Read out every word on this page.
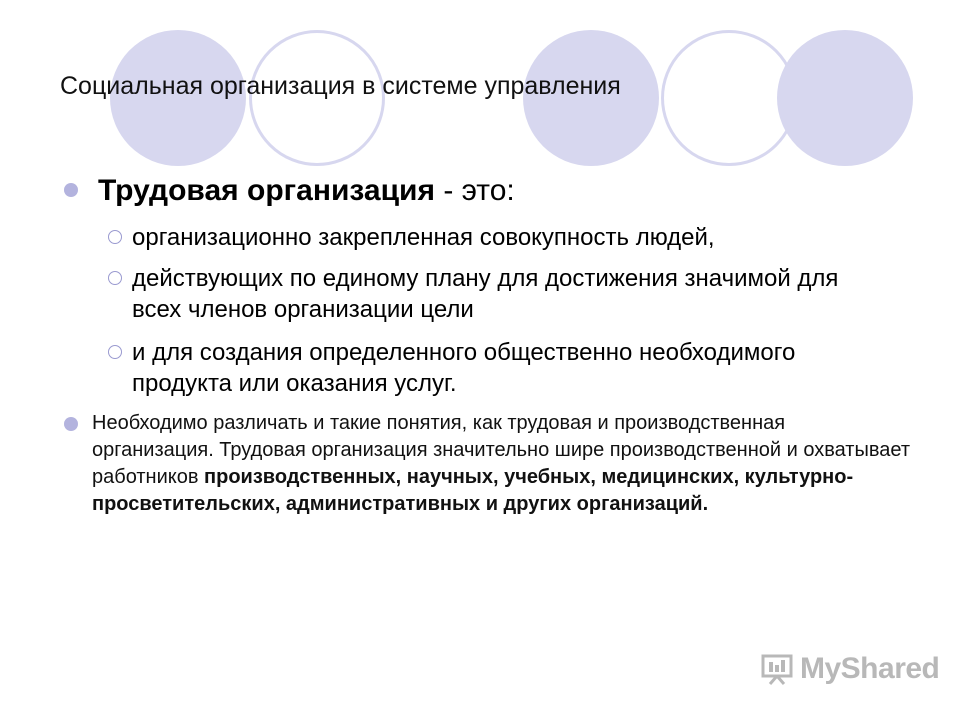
Социальная организация в системе управления
Трудовая организация - это:
организационно закрепленная совокупность людей,
действующих по единому плану для достижения значимой для всех членов организации цели
и для создания определенного общественно необходимого продукта или оказания услуг.
Необходимо различать и такие понятия, как трудовая и производственная организация. Трудовая организация значительно шире производственной и охватывает работников производственных, научных, учебных, медицинских, культурно-просветительских, административных и других организаций.
MyShared
